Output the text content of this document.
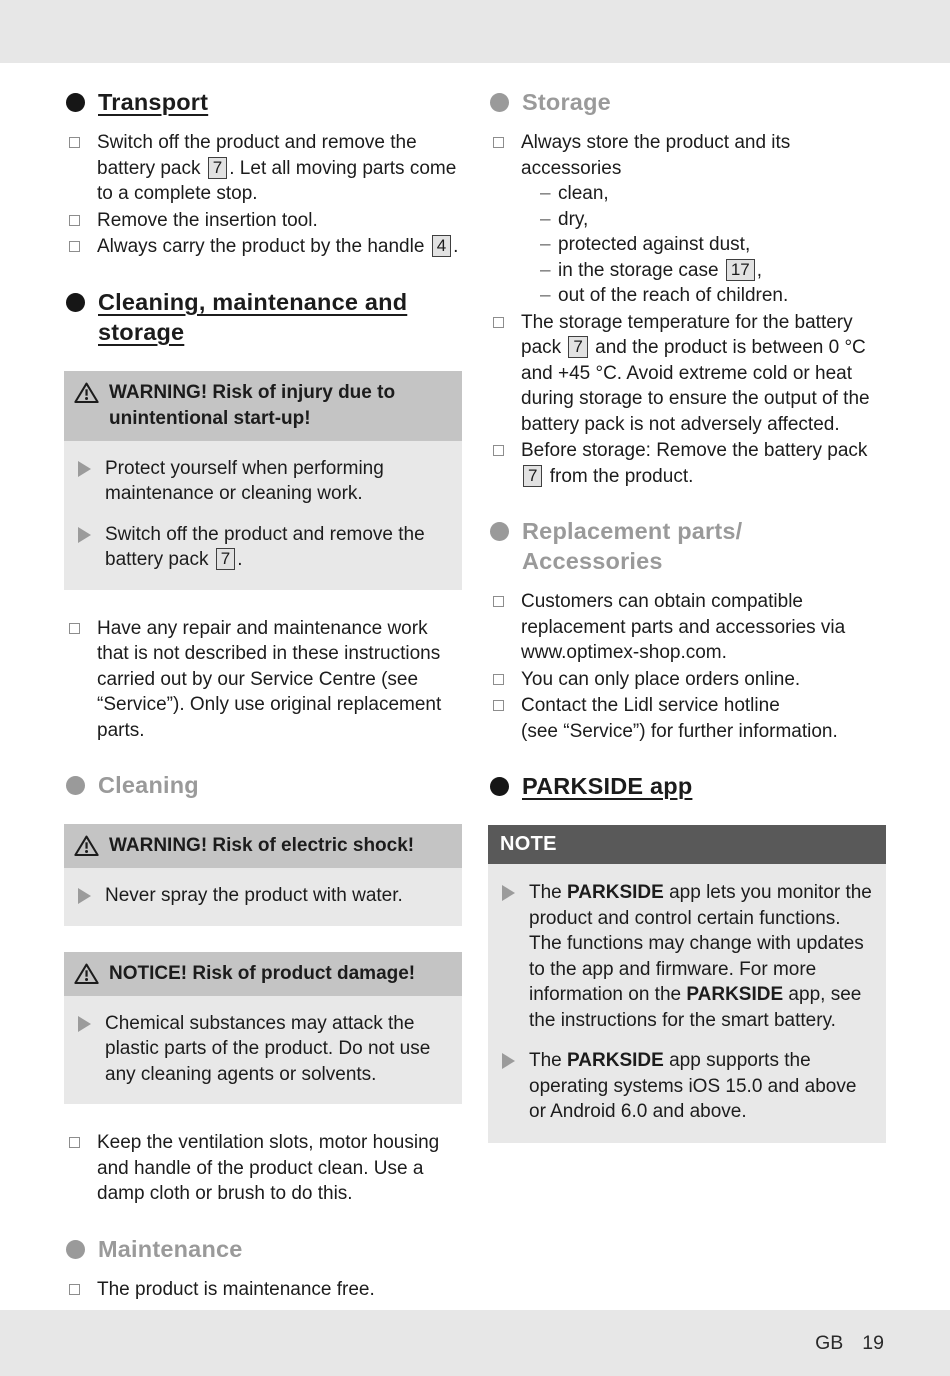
Transport
Switch off the product and remove the battery pack 7 . Let all moving parts come to a complete stop.
Remove the insertion tool.
Always carry the product by the handle 4 .
Cleaning, maintenance and
storage
WARNING! Risk of injury due to unintentional start-up!
Protect yourself when performing maintenance or cleaning work.
Switch off the product and remove the battery pack 7 .
Have any repair and maintenance work that is not described in these instructions carried out by our Service Centre (see “Service”). Only use original replacement parts.
Cleaning
WARNING! Risk of electric shock!
Never spray the product with water.
NOTICE! Risk of product damage!
Chemical substances may attack the plastic parts of the product. Do not use any cleaning agents or solvents.
Keep the ventilation slots, motor housing and handle of the product clean. Use a damp cloth or brush to do this.
Maintenance
The product is maintenance free.
Storage
Always store the product and its accessories
– clean,
– dry,
– protected against dust,
– in the storage case 17 ,
– out of the reach of children.
The storage temperature for the battery pack 7 and the product is between 0 °C and +45 °C. Avoid extreme cold or heat during storage to ensure the output of the battery pack is not adversely affected.
Before storage: Remove the battery pack 7 from the product.
Replacement parts/
Accessories
Customers can obtain compatible replacement parts and accessories via www.optimex-shop.com.
You can only place orders online.
Contact the Lidl service hotline
(see “Service”) for further information.
PARKSIDE app
NOTE
The PARKSIDE app lets you monitor the product and control certain functions. The functions may change with updates to the app and firmware. For more information on the PARKSIDE app, see the instructions for the smart battery.
The PARKSIDE app supports the operating systems iOS 15.0 and above or Android 6.0 and above.
GB 19
